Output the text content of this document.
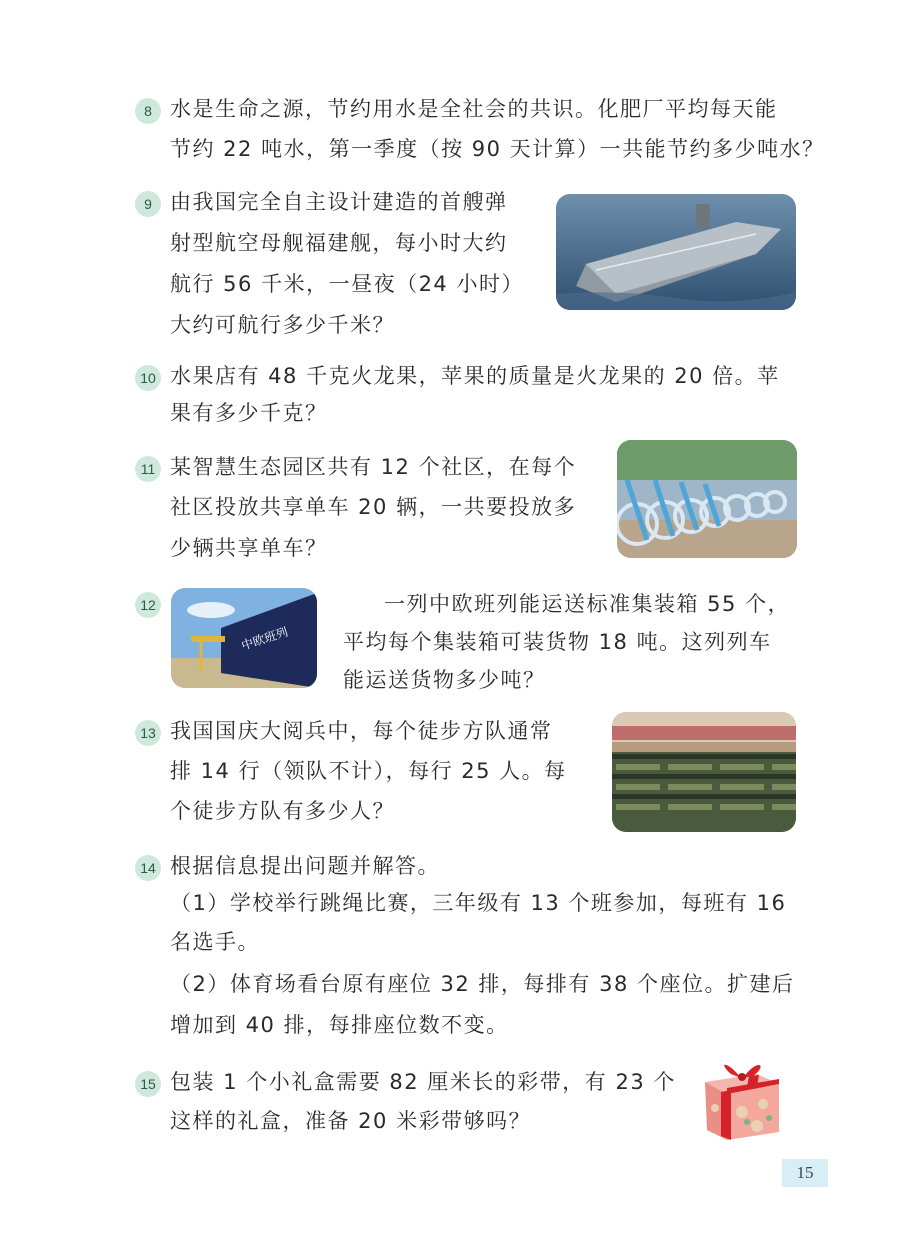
8 水是生命之源，节约用水是全社会的共识。化肥厂平均每天能
节约 22 吨水，第一季度（按 90 天计算）一共能节约多少吨水？
9 由我国完全自主设计建造的首艘弹
射型航空母舰福建舰，每小时大约
航行 56 千米，一昼夜（24 小时）
大约可航行多少千米？
10 水果店有 48 千克火龙果，苹果的质量是火龙果的 20 倍。苹
果有多少千克？
11 某智慧生态园区共有 12 个社区，在每个
社区投放共享单车 20 辆，一共要投放多
少辆共享单车？
12
中欧班列
一列中欧班列能运送标准集装箱 55 个，
平均每个集装箱可装货物 18 吨。这列列车
能运送货物多少吨？
13 我国国庆大阅兵中，每个徒步方队通常
排 14 行（领队不计），每行 25 人。每
个徒步方队有多少人？
14 根据信息提出问题并解答。
（1）学校举行跳绳比赛，三年级有 13 个班参加，每班有 16
名选手。
（2）体育场看台原有座位 32 排，每排有 38 个座位。扩建后
增加到 40 排，每排座位数不变。
15 包装 1 个小礼盒需要 82 厘米长的彩带，有 23 个
这样的礼盒，准备 20 米彩带够吗？
15
